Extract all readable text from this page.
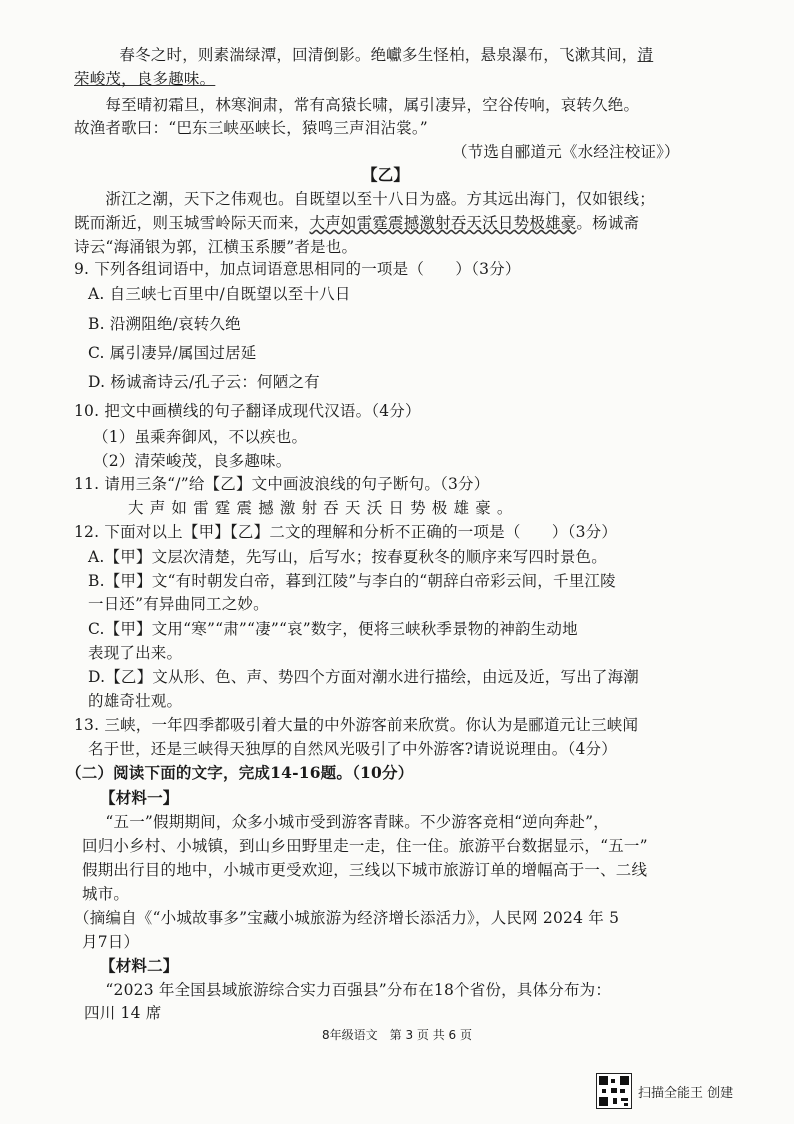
　　春冬之时，则素湍绿潭，回清倒影。绝巘多生怪柏，悬泉瀑布，飞漱其间，清
荣峻茂，良多趣味。
　　每至晴初霜旦，林寒涧肃，常有高猿长啸，属引凄异，空谷传响，哀转久绝。
故渔者歌曰：“巴东三峡巫峡长，猿鸣三声泪沾裳。”
（节选自郦道元《水经注校证》）
【乙】
　　浙江之潮，天下之伟观也。自既望以至十八日为盛。方其远出海门，仅如银线；
既而渐近，则玉城雪岭际天而来，大声如雷霆震撼激射吞天沃日势极雄豪。杨诚斋
诗云“海涌银为郭，江横玉系腰”者是也。
9. 下列各组词语中，加点词语意思相同的一项是（　　）（3分）
A. 自三峡七百里中/自既望以至十八日
B. 沿溯阻绝/哀转久绝
C. 属引凄异/属国过居延
D. 杨诚斋诗云/孔子云：何陋之有
10. 把文中画横线的句子翻译成现代汉语。（4分）
（1）虽乘奔御风，不以疾也。
（2）清荣峻茂，良多趣味。
11. 请用三条“/”给【乙】文中画波浪线的句子断句。（3分）
大声如雷霆震撼激射吞天沃日势极雄豪。
12. 下面对以上【甲】【乙】二文的理解和分析不正确的一项是（　　）（3分）
A.【甲】文层次清楚，先写山，后写水；按春夏秋冬的顺序来写四时景色。
B.【甲】文“有时朝发白帝，暮到江陵”与李白的“朝辞白帝彩云间，千里江陵
一日还”有异曲同工之妙。
C.【甲】文用“寒”“肃”“凄”“哀”数字，便将三峡秋季景物的神韵生动地
表现了出来。
D.【乙】文从形、色、声、势四个方面对潮水进行描绘，由远及近，写出了海潮
的雄奇壮观。
13. 三峡，一年四季都吸引着大量的中外游客前来欣赏。你认为是郦道元让三峡闻
名于世，还是三峡得天独厚的自然风光吸引了中外游客?请说说理由。（4分）
（二）阅读下面的文字，完成14-16题。（10分）
【材料一】
　　“五一”假期期间，众多小城市受到游客青睐。不少游客竞相“逆向奔赴”，
回归小乡村、小城镇，到山乡田野里走一走，住一住。旅游平台数据显示，“五一”
假期出行目的地中，小城市更受欢迎，三线以下城市旅游订单的增幅高于一、二线
城市。
（摘编自《“小城故事多”宝藏小城旅游为经济增长添活力》，人民网 2024 年 5
月7日）
【材料二】
　　“2023 年全国县域旅游综合实力百强县”分布在18个省份，具体分布为：
四川 14 席
8年级语文　第 3 页 共 6 页
扫描全能王 创建
